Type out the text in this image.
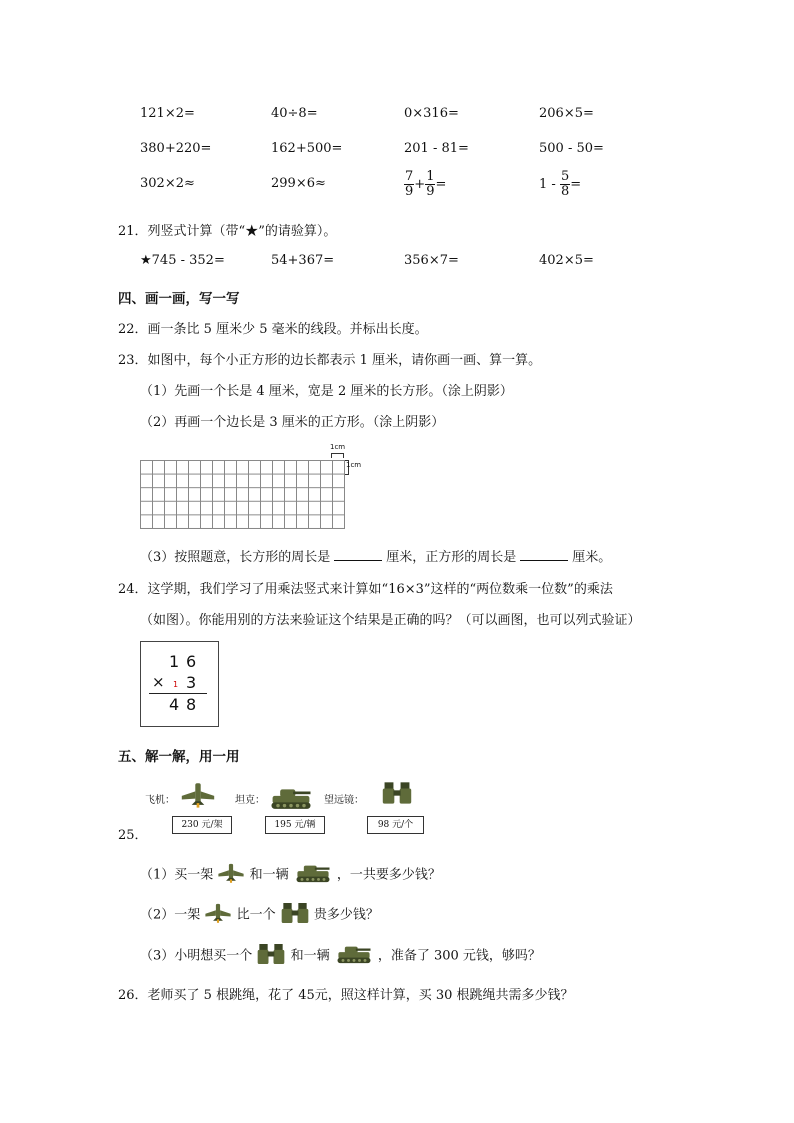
121×2=	40÷8=	0×316=	206×5=
380+220=	162+500=	201 - 81=	500 - 50=
302×2≈	299×6≈	$\frac{7}{9} + \frac{1}{9}$ =	$1 - \frac{5}{8}$ =
21．列竖式计算（带“★”的请验算）。
★745 - 352=	54+367=	356×7=	402×5=
四、画一画，写一写
22．画一条比 5 厘米少 5 毫米的线段。并标出长度。
23．如图中，每个小正方形的边长都表示 1 厘米，请你画一画、算一算。
（1）先画一个长是 4 厘米，宽是 2 厘米的长方形。（涂上阴影）
（2）再画一个边长是 3 厘米的正方形。（涂上阴影）
1cm
1cm
（3）按照题意，长方形的周长是	厘米，正方形的周长是	厘米。
24．这学期，我们学习了用乘法竖式来计算如“16×3”这样的“两位数乘一位数”的乘法
（如图）。你能用别的方法来验证这个结果是正确的吗？（可以画图，也可以列式验证）
1 6
× 1 3
4 8
五、解一解，用一用
飞机：	坦克：	望远镜：
230 元/架	195 元/辆	98 元/个
25．
（1）买一架	和一辆	，一共要多少钱？
（2）一架	比一个	贵多少钱？
（3）小明想买一个	和一辆	，准备了 300 元钱，够吗？
26．老师买了 5 根跳绳，花了 45元，照这样计算，买 30 根跳绳共需多少钱？
